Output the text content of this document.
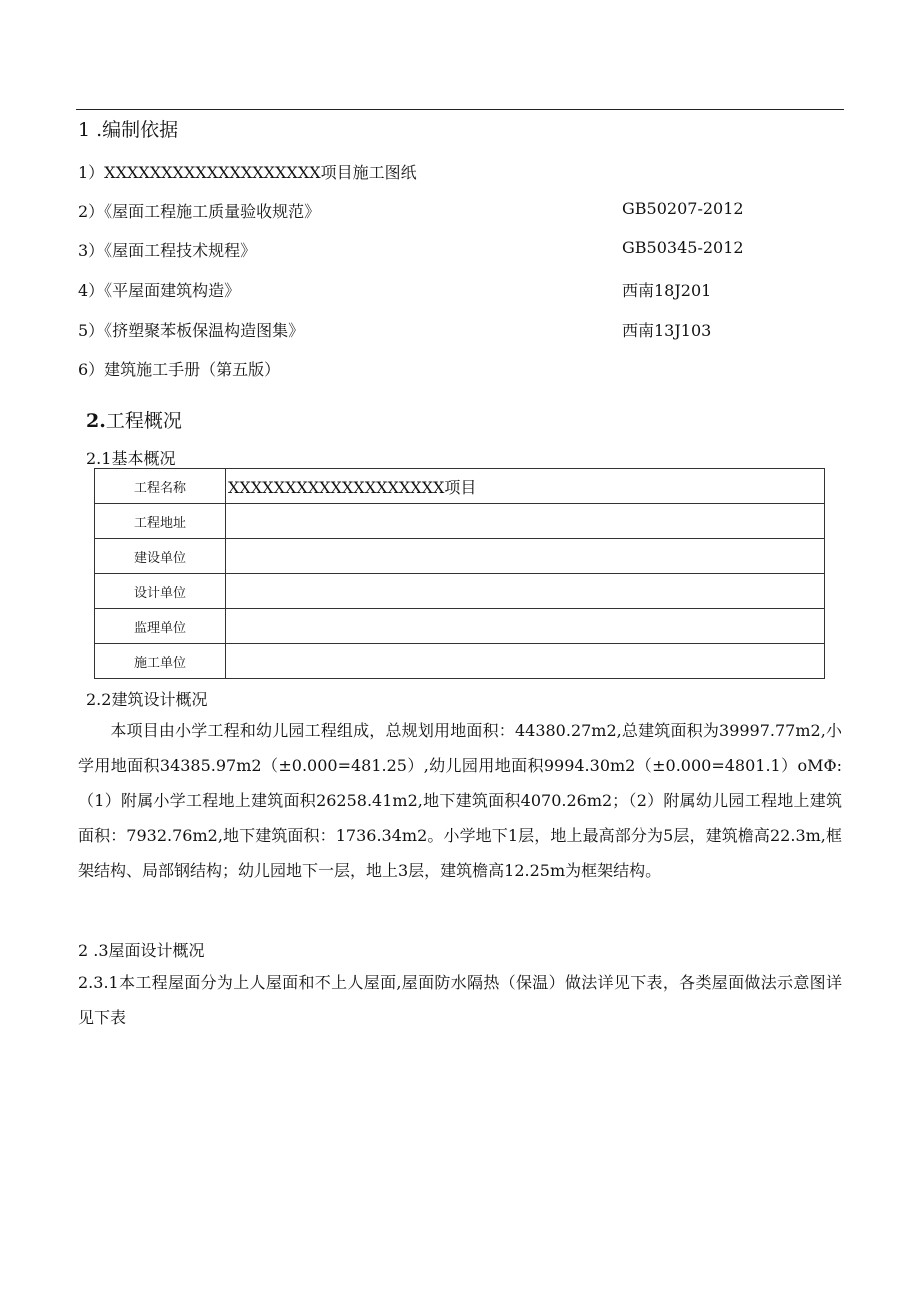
1 .编制依据
1）XXXXXXXXXXXXXXXXXXX项目施工图纸
2）《屋面工程施工质量验收规范》	GB50207-2012
3）《屋面工程技术规程》	GB50345-2012
4）《平屋面建筑构造》	西南18J201
5）《挤塑聚苯板保温构造图集》	西南13J103
6）建筑施工手册（第五版）
2.工程概况
2.1基本概况
工程名称	XXXXXXXXXXXXXXXXXXX项目
工程地址	
建设单位	
设计单位	
监理单位	
施工单位	
2.2建筑设计概况

　　本项目由小学工程和幼儿园工程组成，总规划用地面积：44380.27m2,总建筑面积为39997.77m2,小学用地面积34385.97m2（±0.000=481.25）,幼儿园用地面积9994.30m2（±0.000=4801.1）oMΦ:（1）附属小学工程地上建筑面积26258.41m2,地下建筑面积4070.26m2；（2）附属幼儿园工程地上建筑面积：7932.76m2,地下建筑面积：1736.34m2。小学地下1层，地上最高部分为5层，建筑檐高22.3m,框架结构、局部钢结构；幼儿园地下一层，地上3层，建筑檐高12.25m为框架结构。

2 .3屋面设计概况

2.3.1本工程屋面分为上人屋面和不上人屋面,屋面防水隔热（保温）做法详见下表，各类屋面做法示意图详见下表
